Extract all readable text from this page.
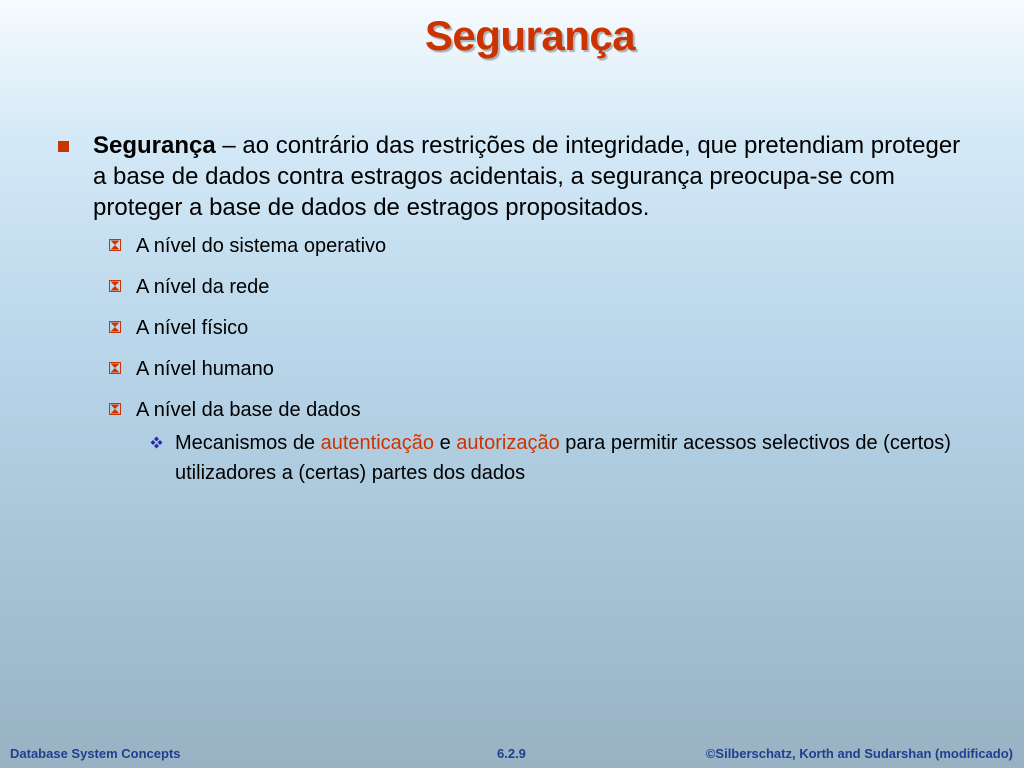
Segurança
Segurança – ao contrário das restrições de integridade, que pretendiam proteger a base de dados contra estragos acidentais, a segurança preocupa-se com proteger a base de dados de estragos propositados.
A nível do sistema operativo
A nível da rede
A nível físico
A nível humano
A nível da base de dados
Mecanismos de autenticação e autorização para permitir acessos selectivos de (certos) utilizadores a (certas) partes dos dados
Database System Concepts	6.2.9	©Silberschatz, Korth and Sudarshan (modificado)
